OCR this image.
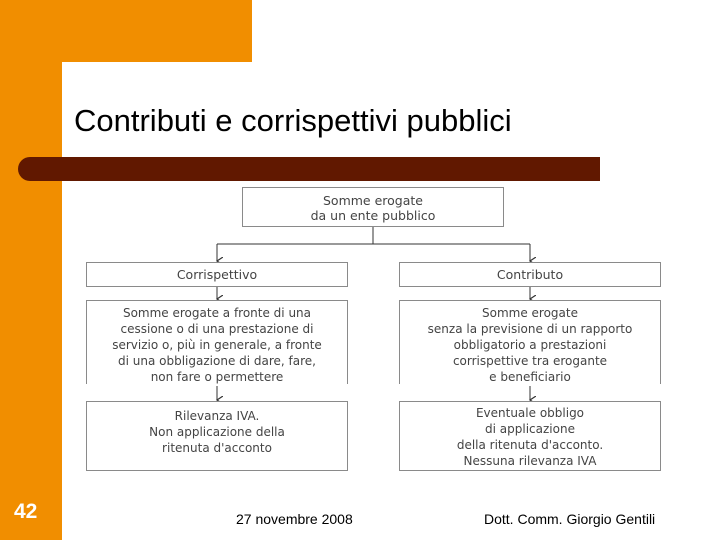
Contributi e corrispettivi pubblici
Somme erogate
da un ente pubblico
Corrispettivo	Contributo
Somme erogate a fronte di una
cessione o di una prestazione di
servizio o, più in generale, a fronte
di una obbligazione di dare, fare,
non fare o permettere
Somme erogate
senza la previsione di un rapporto
obbligatorio a prestazioni
corrispettive tra erogante
e beneficiario
Rilevanza IVA.
Non applicazione della
ritenuta d'acconto
Eventuale obbligo
di applicazione
della ritenuta d'acconto.
Nessuna rilevanza IVA
42	27 novembre 2008	Dott. Comm. Giorgio Gentili
